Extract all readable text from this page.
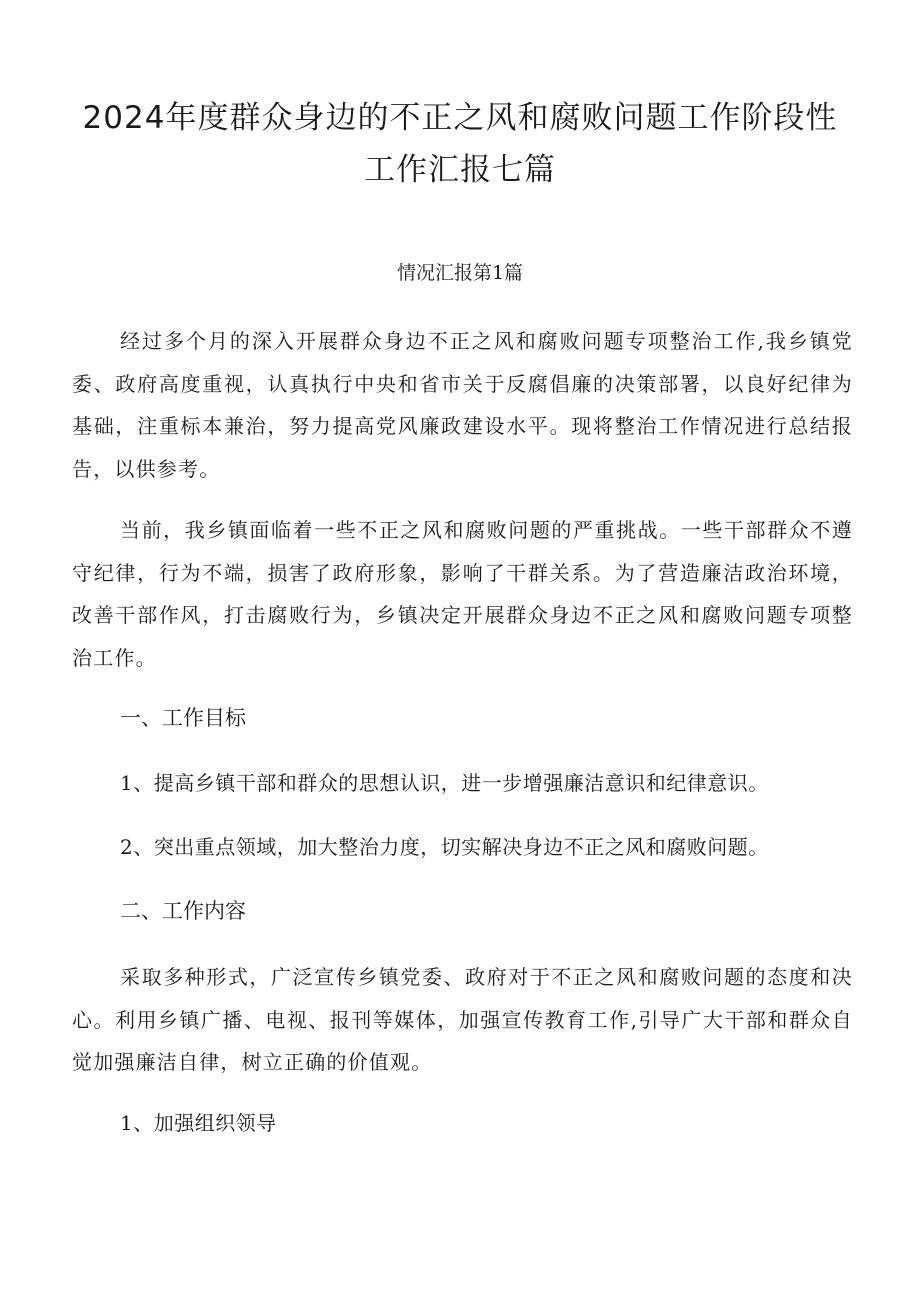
2024年度群众身边的不正之风和腐败问题工作阶段性工作汇报七篇

情况汇报第1篇

经过多个月的深入开展群众身边不正之风和腐败问题专项整治工作,我乡镇党委、政府高度重视，认真执行中央和省市关于反腐倡廉的决策部署，以良好纪律为基础，注重标本兼治，努力提高党风廉政建设水平。现将整治工作情况进行总结报告，以供参考。

当前，我乡镇面临着一些不正之风和腐败问题的严重挑战。一些干部群众不遵守纪律，行为不端，损害了政府形象，影响了干群关系。为了营造廉洁政治环境，改善干部作风，打击腐败行为，乡镇决定开展群众身边不正之风和腐败问题专项整治工作。

一、工作目标

1、提高乡镇干部和群众的思想认识，进一步增强廉洁意识和纪律意识。

2、突出重点领域，加大整治力度，切实解决身边不正之风和腐败问题。

二、工作内容

采取多种形式，广泛宣传乡镇党委、政府对于不正之风和腐败问题的态度和决心。利用乡镇广播、电视、报刊等媒体，加强宣传教育工作,引导广大干部和群众自觉加强廉洁自律，树立正确的价值观。

1、加强组织领导
